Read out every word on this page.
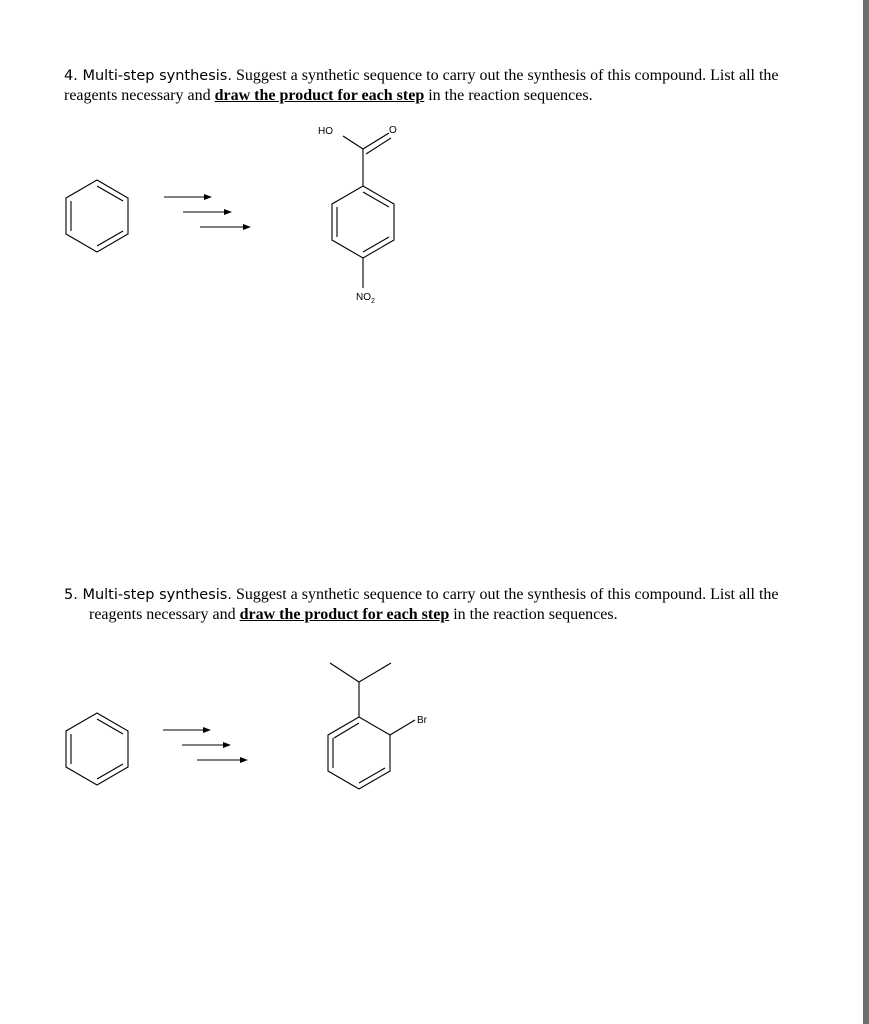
4. Multi-step synthesis. Suggest a synthetic sequence to carry out the synthesis of this compound. List all the reagents necessary and draw the product for each step in the reaction sequences.

HO	O
$NO_2$

5. Multi-step synthesis. Suggest a synthetic sequence to carry out the synthesis of this compound. List all the reagents necessary and draw the product for each step in the reaction sequences.

Br
